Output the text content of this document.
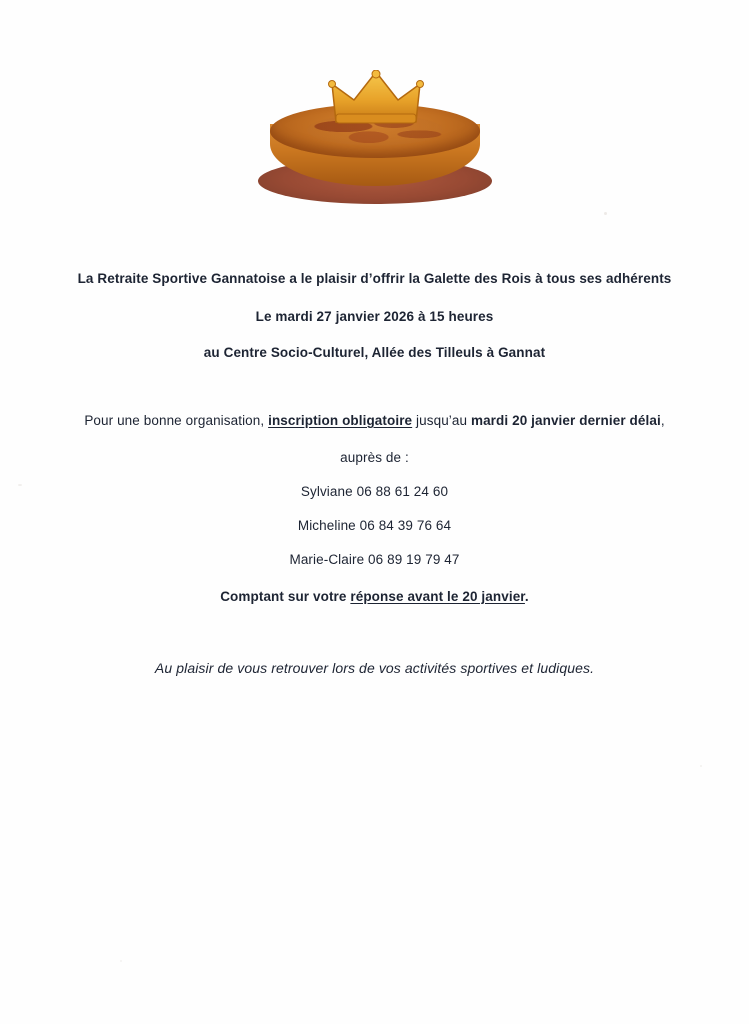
La Retraite Sportive Gannatoise a le plaisir d’offrir la Galette des Rois à tous ses adhérents

Le mardi 27 janvier 2026 à 15 heures

au Centre Socio-Culturel, Allée des Tilleuls à Gannat

Pour une bonne organisation, inscription obligatoire jusqu’au mardi 20 janvier dernier délai,

auprès de :

Sylviane 06 88 61 24 60

Micheline 06 84 39 76 64

Marie-Claire 06 89 19 79 47

Comptant sur votre réponse avant le 20 janvier.

Au plaisir de vous retrouver lors de vos activités sportives et ludiques.
